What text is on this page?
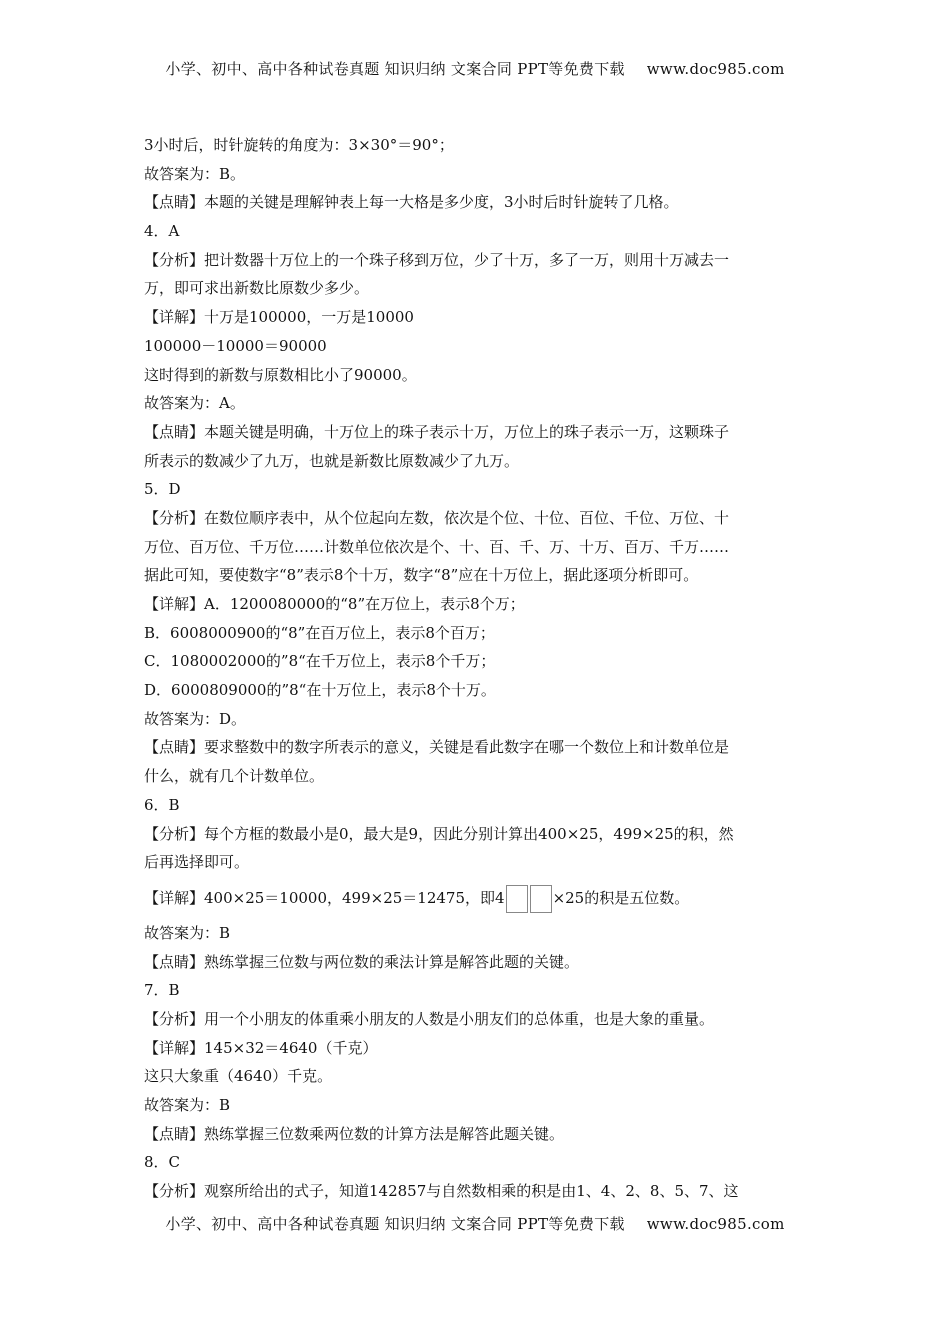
小学、初中、高中各种试卷真题 知识归纳 文案合同 PPT等免费下载 www.doc985.com
3小时后，时针旋转的角度为：3×30°＝90°；
故答案为：B。
【点睛】本题的关键是理解钟表上每一大格是多少度，3小时后时针旋转了几格。
4．A
【分析】把计数器十万位上的一个珠子移到万位，少了十万，多了一万，则用十万减去一
万，即可求出新数比原数少多少。
【详解】十万是100000，一万是10000
100000－10000＝90000
这时得到的新数与原数相比小了90000。
故答案为：A。
【点睛】本题关键是明确，十万位上的珠子表示十万，万位上的珠子表示一万，这颗珠子
所表示的数减少了九万，也就是新数比原数减少了九万。
5．D
【分析】在数位顺序表中，从个位起向左数，依次是个位、十位、百位、千位、万位、十
万位、百万位、千万位……计数单位依次是个、十、百、千、万、十万、百万、千万……
据此可知，要使数字“8”表示8个十万，数字“8”应在十万位上，据此逐项分析即可。
【详解】A．1200080000的“8”在万位上，表示8个万；
B．6008000900的“8”在百万位上，表示8个百万；
C．1080002000的”8“在千万位上，表示8个千万；
D．6000809000的”8“在十万位上，表示8个十万。
故答案为：D。
【点睛】要求整数中的数字所表示的意义，关键是看此数字在哪一个数位上和计数单位是
什么，就有几个计数单位。
6．B
【分析】每个方框的数最小是0，最大是9，因此分别计算出400×25，499×25的积，然
后再选择即可。
【详解】400×25＝10000，499×25＝12475，即4	×25的积是五位数。
故答案为：B
【点睛】熟练掌握三位数与两位数的乘法计算是解答此题的关键。
7．B
【分析】用一个小朋友的体重乘小朋友的人数是小朋友们的总体重，也是大象的重量。
【详解】145×32＝4640（千克）
这只大象重（4640）千克。
故答案为：B
【点睛】熟练掌握三位数乘两位数的计算方法是解答此题关键。
8．C
【分析】观察所给出的式子，知道142857与自然数相乘的积是由1、4、2、8、5、7、这
小学、初中、高中各种试卷真题 知识归纳 文案合同 PPT等免费下载 www.doc985.com
